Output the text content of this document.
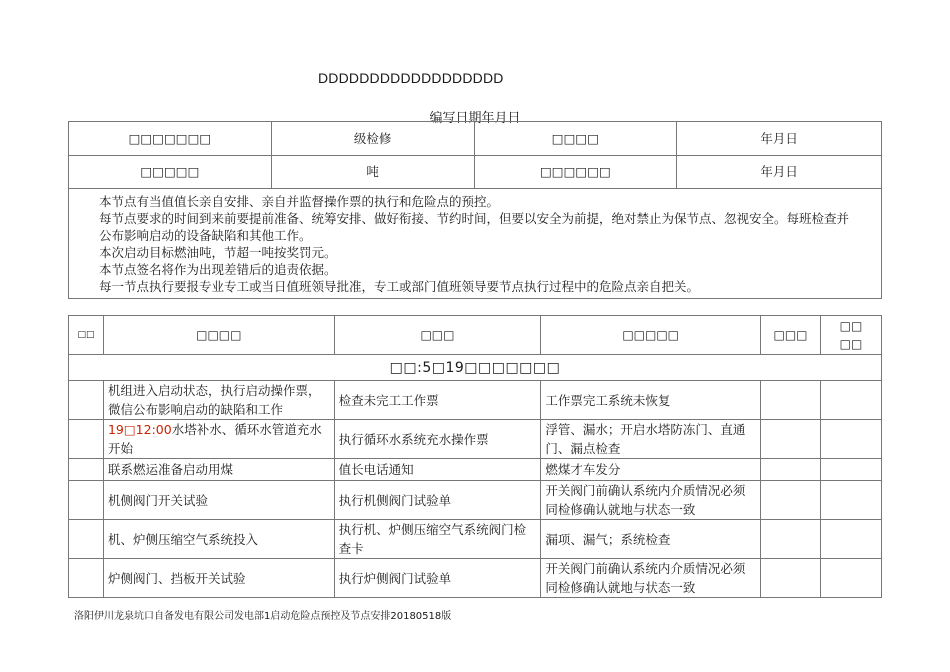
DDDDDDDDDDDDDDDDDD
编写日期年月日
□□□□□□□	级检修	□□□□	年月日
□□□□□	吨	□□□□□□	年月日

本节点有当值值长亲自安排、亲自并监督操作票的执行和危险点的预控。
每节点要求的时间到来前要提前准备、统筹安排、做好衔接、节约时间，但要以安全为前提，绝对禁止为保节点、忽视安全。每班检查并公布影响启动的设备缺陷和其他工作。
本次启动目标燃油吨，节超一吨按奖罚元。
本节点签名将作为出现差错后的追责依据。
每一节点执行要报专业专工或当日值班领导批准，专工或部门值班领导要节点执行过程中的危险点亲自把关。			
□□	□□□□	□□□	□□□□□	□□□	□□
□□

□□:5□19□□□□□□□					
	机组进入启动状态，执行启动操作票，微信公布影响启动的缺陷和工作	检查未完工工作票	工作票完工系统未恢复		
	19□12:00水塔补水、循环水管道充水开始	执行循环水系统充水操作票	浮管、漏水；开启水塔防冻门、直通门、漏点检查		
	联系燃运准备启动用煤	值长电话通知	燃煤才车发分		
	机侧阀门开关试验	执行机侧阀门试验单	开关阀门前确认系统内介质情况必须同检修确认就地与状态一致		
	机、炉侧压缩空气系统投入	执行机、炉侧压缩空气系统阀门检查卡	漏项、漏气；系统检查		
	炉侧阀门、挡板开关试验	执行炉侧阀门试验单	开关阀门前确认系统内介质情况必须同检修确认就地与状态一致		
洛阳伊川龙泉坑口自备发电有限公司发电部1启动危险点预控及节点安排20180518版
